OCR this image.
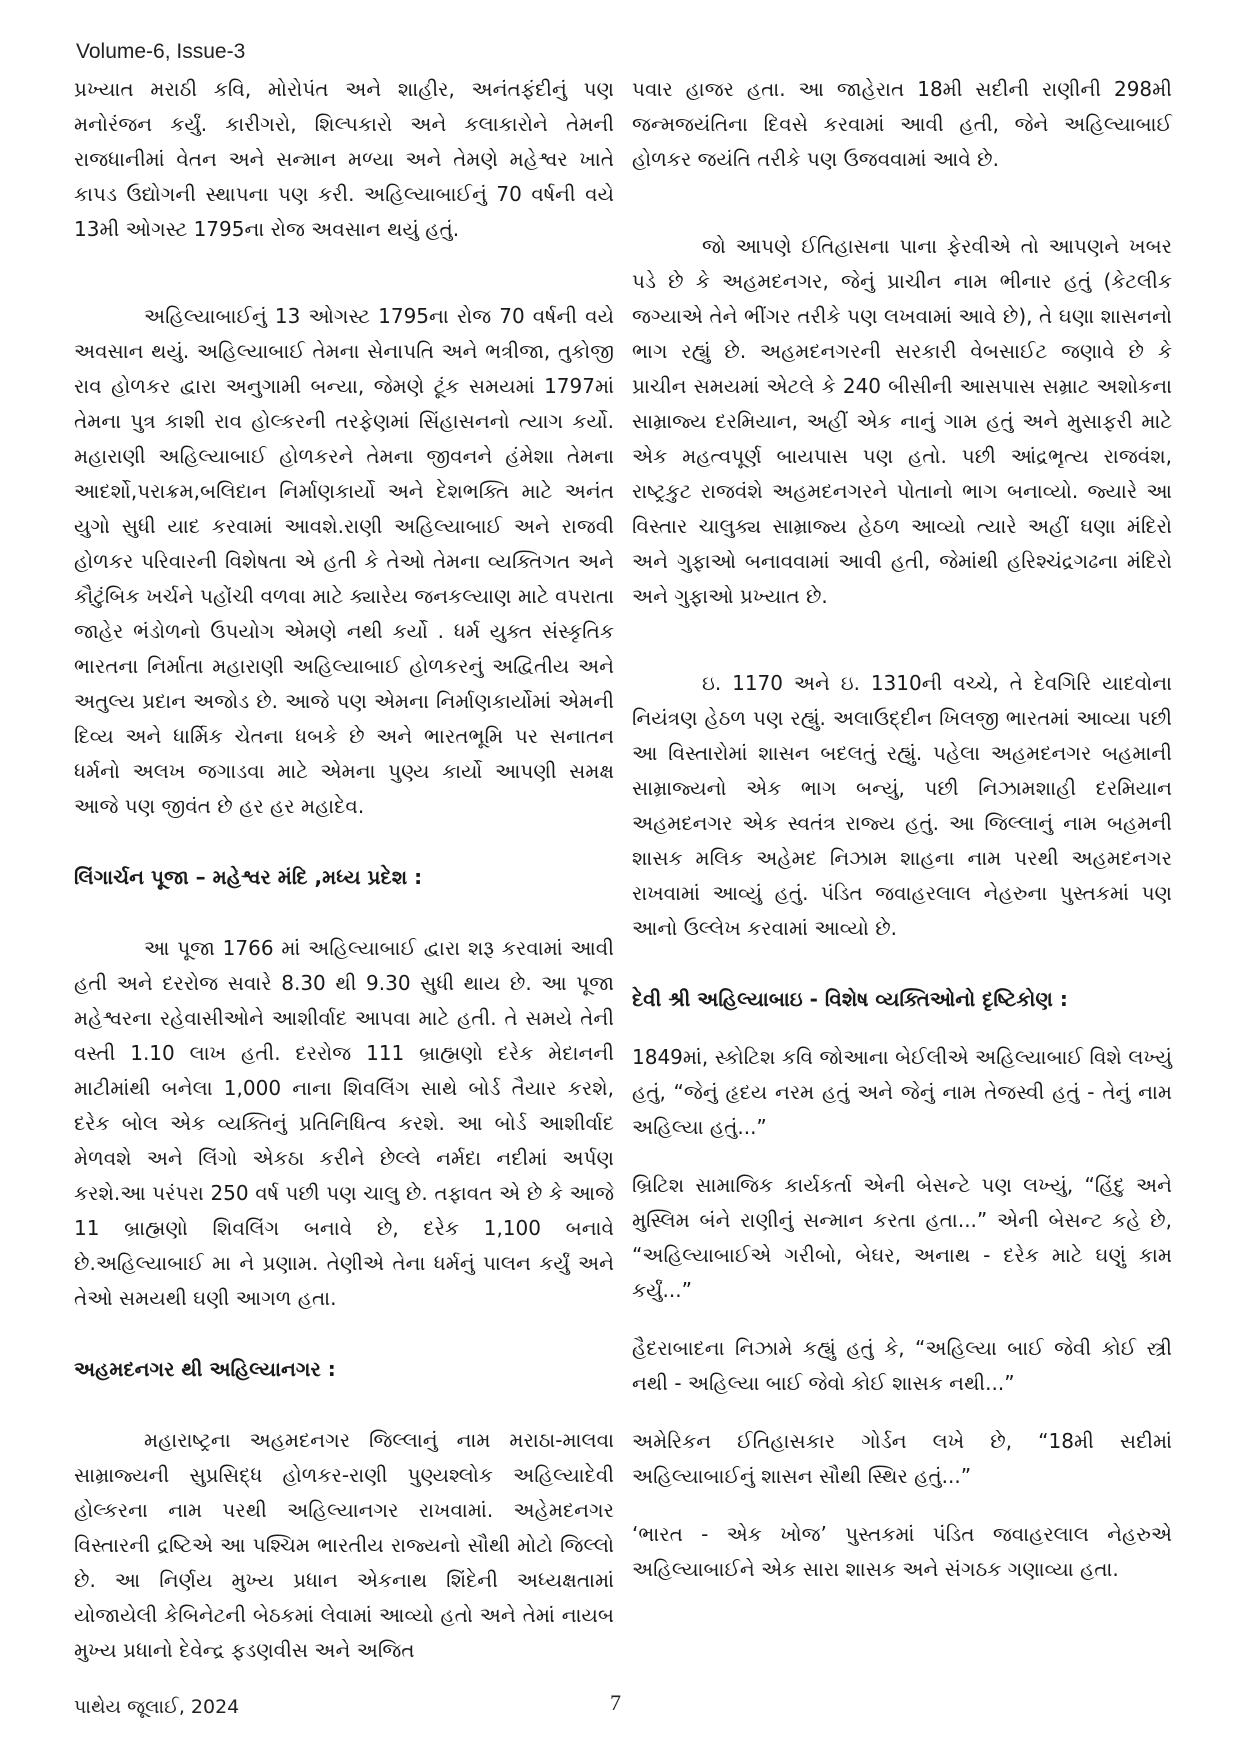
Volume-6, Issue-3

પ્રખ્યાત મરાઠી કવિ, મોરોપંત અને શાહીર, અનંતફંદીનું પણ મનોરંજન કર્યું. કારીગરો, શિલ્પકારો અને કલાકારોને તેમની રાજધાનીમાં વેતન અને સન્માન મળ્યા અને તેમણે મહેશ્વર ખાતે કાપડ ઉદ્યોગની સ્થાપના પણ કરી. અહિલ્યાબાઈનું 70 વર્ષની વયે 13મી ઓગસ્ટ 1795ના રોજ અવસાન થયું હતું.

અહિલ્યાબાઈનું 13 ઓગસ્ટ 1795ના રોજ 70 વર્ષની વયે અવસાન થયું. અહિલ્યાબાઈ તેમના સેનાપતિ અને ભત્રીજા, તુકોજી રાવ હોળકર દ્વારા અનુગામી બન્યા, જેમણે ટૂંક સમયમાં 1797માં તેમના પુત્ર કાશી રાવ હોલ્કરની તરફેણમાં સિંહાસનનો ત્યાગ કર્યો. મહારાણી અહિલ્યાબાઈ હોળકરને તેમના જીવનને હંમેશા તેમના આદર્શો,પરાક્રમ,બલિદાન નિર્માણકાર્યો અને દેશભક્તિ માટે અનંત યુગો સુધી યાદ કરવામાં આવશે.રાણી અહિલ્યાબાઈ અને રાજવી હોળકર પરિવારની વિશેષતા એ હતી કે તેઓ તેમના વ્યક્તિગત અને કૌટુંબિક ખર્ચને પહોંચી વળવા માટે ક્યારેય જનકલ્યાણ માટે વપરાતા જાહેર ભંડોળનો ઉપયોગ એમણે નથી કર્યો . ધર્મ યુક્ત સંસ્કૃતિક ભારતના નિર્માતા મહારાણી અહિલ્યાબાઈ હોળકરનું અદ્વિતીય અને અતુલ્ય પ્રદાન અજોડ છે. આજે પણ એમના નિર્માણકાર્યોમાં એમની દિવ્ય અને ધાર્મિક ચેતના ધબકે છે અને ભારતભૂમિ પર સનાતન ધર્મનો અલખ જગાડવા માટે એમના પુણ્ય કાર્યો આપણી સમક્ષ આજે પણ જીવંત છે હર હર મહાદેવ.

લિંગાર્ચન પૂજા – મહેશ્વર મંદિ ,મધ્ય પ્રદેશ :

આ પૂજા 1766 માં અહિલ્યાબાઈ દ્વારા શરૂ કરવામાં આવી હતી અને દરરોજ સવારે 8.30 થી 9.30 સુધી થાય છે. આ પૂજા મહેશ્વરના રહેવાસીઓને આશીર્વાદ આપવા માટે હતી. તે સમયે તેની વસ્તી 1.10 લાખ હતી. દરરોજ 111 બ્રાહ્મણો દરેક મેદાનની માટીમાંથી બનેલા 1,000 નાના શિવલિંગ સાથે બોર્ડ તૈયાર કરશે, દરેક બોલ એક વ્યક્તિનું પ્રતિનિધિત્વ કરશે. આ બોર્ડ આશીર્વાદ મેળવશે અને લિંગો એકઠા કરીને છેલ્લે નર્મદા નદીમાં અર્પણ કરશે.આ પરંપરા 250 વર્ષ પછી પણ ચાલુ છે. તફાવત એ છે કે આજે 11 બ્રાહ્મણો શિવલિંગ બનાવે છે, દરેક 1,100 બનાવે છે.અહિલ્યાબાઈ મા ને પ્રણામ. તેણીએ તેના ધર્મનું પાલન કર્યું અને તેઓ સમયથી ઘણી આગળ હતા.

અહમદનગર થી અહિલ્યાનગર :

મહારાષ્ટ્રના અહમદનગર જિલ્લાનું નામ મરાઠા-માલવા સામ્રાજ્યની સુપ્રસિદ્ધ હોળકર-રાણી પુણ્યશ્લોક અહિલ્યાદેવી હોલ્કરના નામ પરથી અહિલ્યાનગર રાખવામાં. અહેમદનગર વિસ્તારની દ્રષ્ટિએ આ પશ્ચિમ ભારતીય રાજ્યનો સૌથી મોટો જિલ્લો છે. આ નિર્ણય મુખ્ય પ્રધાન એકનાથ શિંદેની અધ્યક્ષતામાં યોજાયેલી કેબિનેટની બેઠકમાં લેવામાં આવ્યો હતો અને તેમાં નાયબ મુખ્ય પ્રધાનો દેવેન્દ્ર ફડણવીસ અને અજિત

પવાર હાજર હતા. આ જાહેરાત 18મી સદીની રાણીની 298મી જન્મજયંતિના દિવસે કરવામાં આવી હતી, જેને અહિલ્યાબાઈ હોળકર જયંતિ તરીકે પણ ઉજવવામાં આવે છે.

જો આપણે ઈતિહાસના પાના ફેરવીએ તો આપણને ખબર પડે છે કે અહમદનગર, જેનું પ્રાચીન નામ ભીનાર હતું (કેટલીક જગ્યાએ તેને ભીંગર તરીકે પણ લખવામાં આવે છે), તે ઘણા શાસનનો ભાગ રહ્યું છે. અહમદનગરની સરકારી વેબસાઈટ જણાવે છે કે પ્રાચીન સમયમાં એટલે કે 240 બીસીની આસપાસ સમ્રાટ અશોકના સામ્રાજ્ય દરમિયાન, અહીં એક નાનું ગામ હતું અને મુસાફરી માટે એક મહત્વપૂર્ણ બાયપાસ પણ હતો. પછી આંદ્રભૃત્ય રાજવંશ, રાષ્ટ્રકુટ રાજવંશે અહમદનગરને પોતાનો ભાગ બનાવ્યો. જ્યારે આ વિસ્તાર ચાલુક્ય સામ્રાજ્ય હેઠળ આવ્યો ત્યારે અહીં ઘણા મંદિરો અને ગુફાઓ બનાવવામાં આવી હતી, જેમાંથી હરિશ્ચંદ્રગઢના મંદિરો અને ગુફાઓ પ્રખ્યાત છે.

ઇ. 1170 અને ઇ. 1310ની વચ્ચે, તે દેવગિરિ યાદવોના નિયંત્રણ હેઠળ પણ રહ્યું. અલાઉદ્દીન ખિલજી ભારતમાં આવ્યા પછી આ વિસ્તારોમાં શાસન બદલતું રહ્યું. પહેલા અહમદનગર બહમાની સામ્રાજ્યનો એક ભાગ બન્યું, પછી નિઝામશાહી દરમિયાન અહમદનગર એક સ્વતંત્ર રાજ્ય હતું. આ જિલ્લાનું નામ બહમની શાસક મલિક અહેમદ નિઝામ શાહના નામ પરથી અહમદનગર રાખવામાં આવ્યું હતું. પંડિત જવાહરલાલ નેહરુના પુસ્તકમાં પણ આનો ઉલ્લેખ કરવામાં આવ્યો છે.

દેવી શ્રી અહિલ્યાબાઇ - વિશેષ વ્યક્તિઓનો દૃષ્ટિકોણ :

1849માં, સ્કોટિશ કવિ જોઆના બેઈલીએ અહિલ્યાબાઈ વિશે લખ્યું હતું, “જેનું હૃદય નરમ હતું અને જેનું નામ તેજસ્વી હતું - તેનું નામ અહિલ્યા હતું...”

બ્રિટિશ સામાજિક કાર્યકર્તા એની બેસન્ટે પણ લખ્યું, “હિંદુ અને મુસ્લિમ બંને રાણીનું સન્માન કરતા હતા...” એની બેસન્ટ કહે છે, “અહિલ્યાબાઈએ ગરીબો, બેઘર, અનાથ - દરેક માટે ઘણું કામ કર્યું...”

હૈદરાબાદના નિઝામે કહ્યું હતું કે, “અહિલ્યા બાઈ જેવી કોઈ સ્ત્રી નથી - અહિલ્યા બાઈ જેવો કોઈ શાસક નથી...”

અમેરિકન ઈતિહાસકાર ગોર્ડન લખે છે, “18મી સદીમાં અહિલ્યાબાઈનું શાસન સૌથી સ્થિર હતું...”

‘ભારત - એક ખોજ’ પુસ્તકમાં પંડિત જવાહરલાલ નેહરુએ અહિલ્યાબાઈને એક સારા શાસક અને સંગઠક ગણાવ્યા હતા.

પાથેય જૂલાઈ, 2024	7
